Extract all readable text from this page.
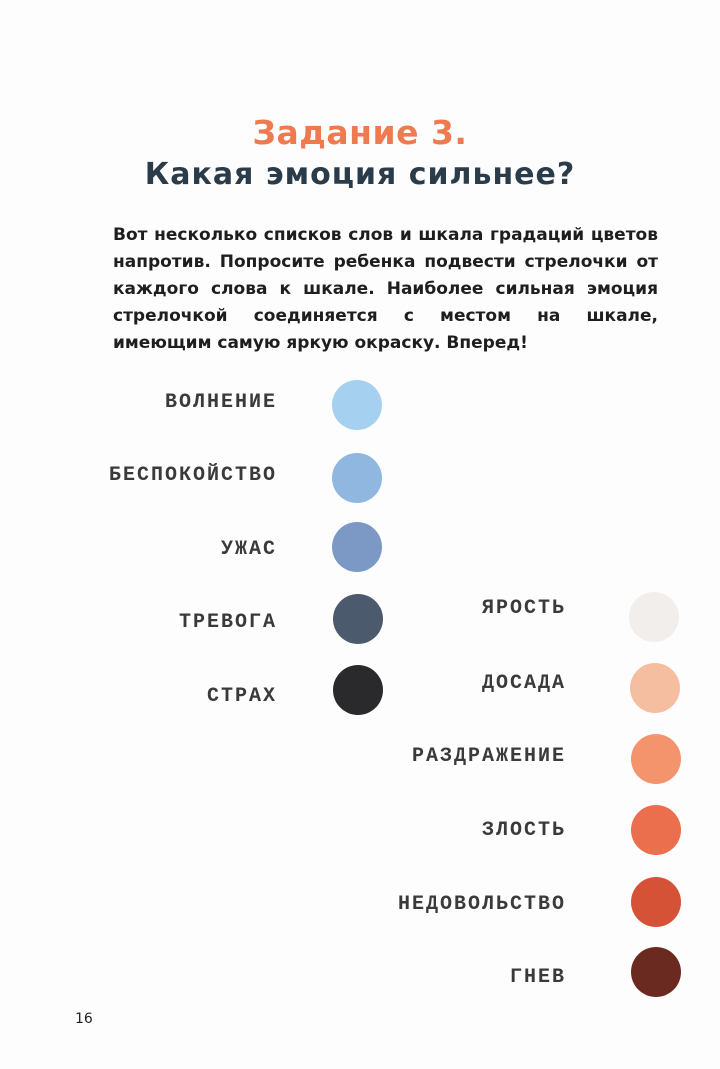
Задание 3.
Какая эмоция сильнее?

Вот несколько списков слов и шкала градаций цветов напротив. Попросите ребенка подвести стрелочки от каждого слова к шкале. Наиболее сильная эмоция стрелочкой соединяется с местом на шкале, имеющим самую яркую окраску. Вперед!

ВОЛНЕНИЕ
БЕСПОКОЙСТВО
УЖАС
ТРЕВОГА
СТРАХ
ЯРОСТЬ
ДОСАДА
РАЗДРАЖЕНИЕ
ЗЛОСТЬ
НЕДОВОЛЬСТВО
ГНЕВ

16
